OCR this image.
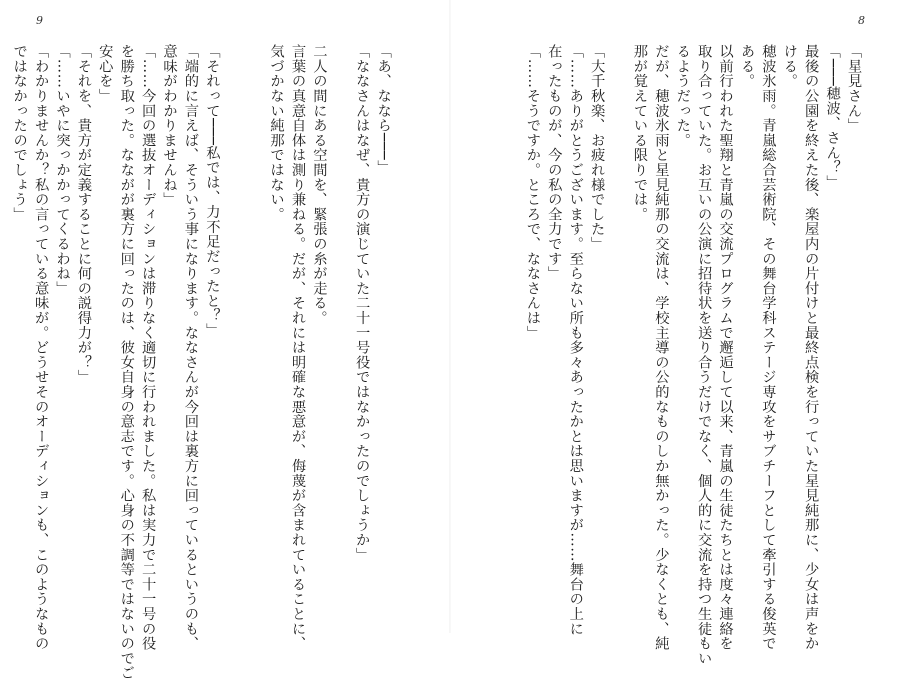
9	8

「星見さん」

「───穂波、さん？」

最後の公園を終えた後、楽屋内の片付けと最終点検を行っていた星見純那に、少女は声をか

ける。

穂波氷雨。青嵐総合芸術院、その舞台学科ステージ専攻をサブチーフとして牽引する俊英で

ある。

以前行われた聖翔と青嵐の交流プログラムで邂逅して以来、青嵐の生徒たちとは度々連絡を

取り合っていた。お互いの公演に招待状を送り合うだけでなく、個人的に交流を持つ生徒もい

るようだった。

だが、穂波氷雨と星見純那の交流は、学校主導の公的なものしか無かった。少なくとも、純

那が覚えている限りでは。

「大千秋楽、お疲れ様でした」

「……ありがとうございます。至らない所も多々あったかとは思いますが……舞台の上に

在ったものが、今の私の全力です」

「……そうですか。ところで、ななさんは」

「あ、ななら───」

「ななさんはなぜ、貴方の演じていた二十一号役ではなかったのでしょうか」

二人の間にある空間を、緊張の糸が走る。

言葉の真意自体は測り兼ねる。だが、それには明確な悪意が、侮蔑が含まれていることに、

気づかない純那ではない。

「それって───私では、力不足だったと？」

「端的に言えば、そういう事になります。ななさんが今回は裏方に回っているというのも、

意味がわかりませんね」

「……今回の選抜オーディションは滞りなく適切に行われました。私は実力で二十一号の役

を勝ち取った。なながが裏方に回ったのは、彼女自身の意志です。心身の不調等ではないのでご

安心を」

「それを、貴方が定義することに何の説得力が？」

「……いやに突っかかってくるわね」

「わかりませんか？私の言っている意味が。どうせそのオーディションも、このようなもの

ではなかったのでしょう」
